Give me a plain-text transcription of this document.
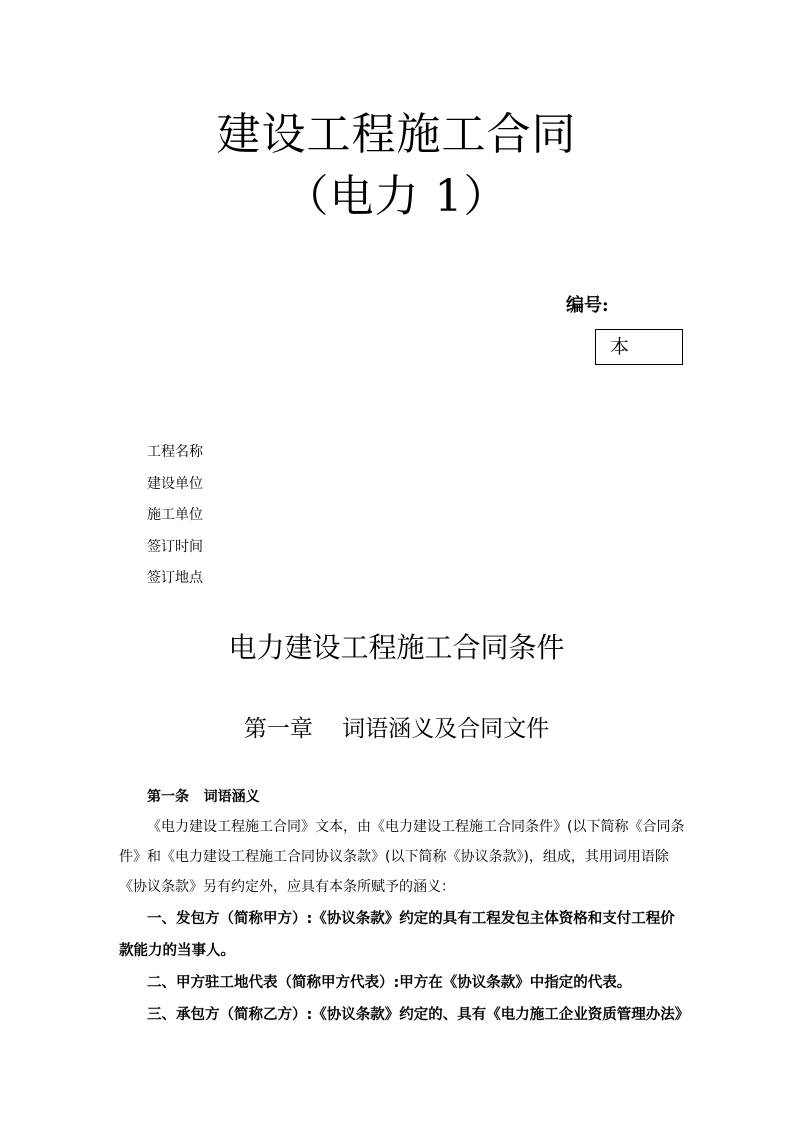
建设工程施工合同
（电力 1）
编号:
本
工程名称
建设单位
施工单位
签订时间
签订地点
电力建设工程施工合同条件
第一章    词语涵义及合同文件
第一条   词语涵义

《电力建设工程施工合同》文本，由《电力建设工程施工合同条件》(以下简称《合同条件》和《电力建设工程施工合同协议条款》(以下简称《协议条款》)，组成，其用词用语除《协议条款》另有约定外，应具有本条所赋予的涵义：

一、发包方（简称甲方）:《协议条款》约定的具有工程发包主体资格和支付工程价款能力的当事人。

二、甲方驻工地代表（简称甲方代表）:甲方在《协议条款》中指定的代表。

三、承包方（简称乙方）:《协议条款》约定的、具有《电力施工企业资质管理办法》
